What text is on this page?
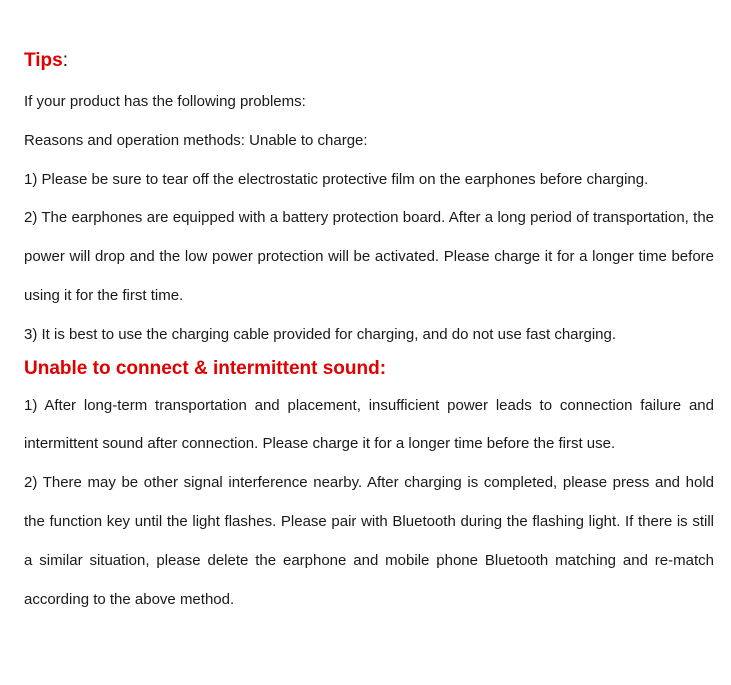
Tips:

If your product has the following problems:

Reasons and operation methods: Unable to charge:

1) Please be sure to tear off the electrostatic protective film on the earphones before charging.

2) The earphones are equipped with a battery protection board. After a long period of transportation, the power will drop and the low power protection will be activated. Please charge it for a longer time before using it for the first time.

3) It is best to use the charging cable provided for charging, and do not use fast charging.

Unable to connect & intermittent sound:

1) After long-term transportation and placement, insufficient power leads to connection failure and intermittent sound after connection. Please charge it for a longer time before the first use.

2) There may be other signal interference nearby. After charging is completed, please press and hold the function key until the light flashes. Please pair with Bluetooth during the flashing light. If there is still a similar situation, please delete the earphone and mobile phone Bluetooth matching and re-match according to the above method.
